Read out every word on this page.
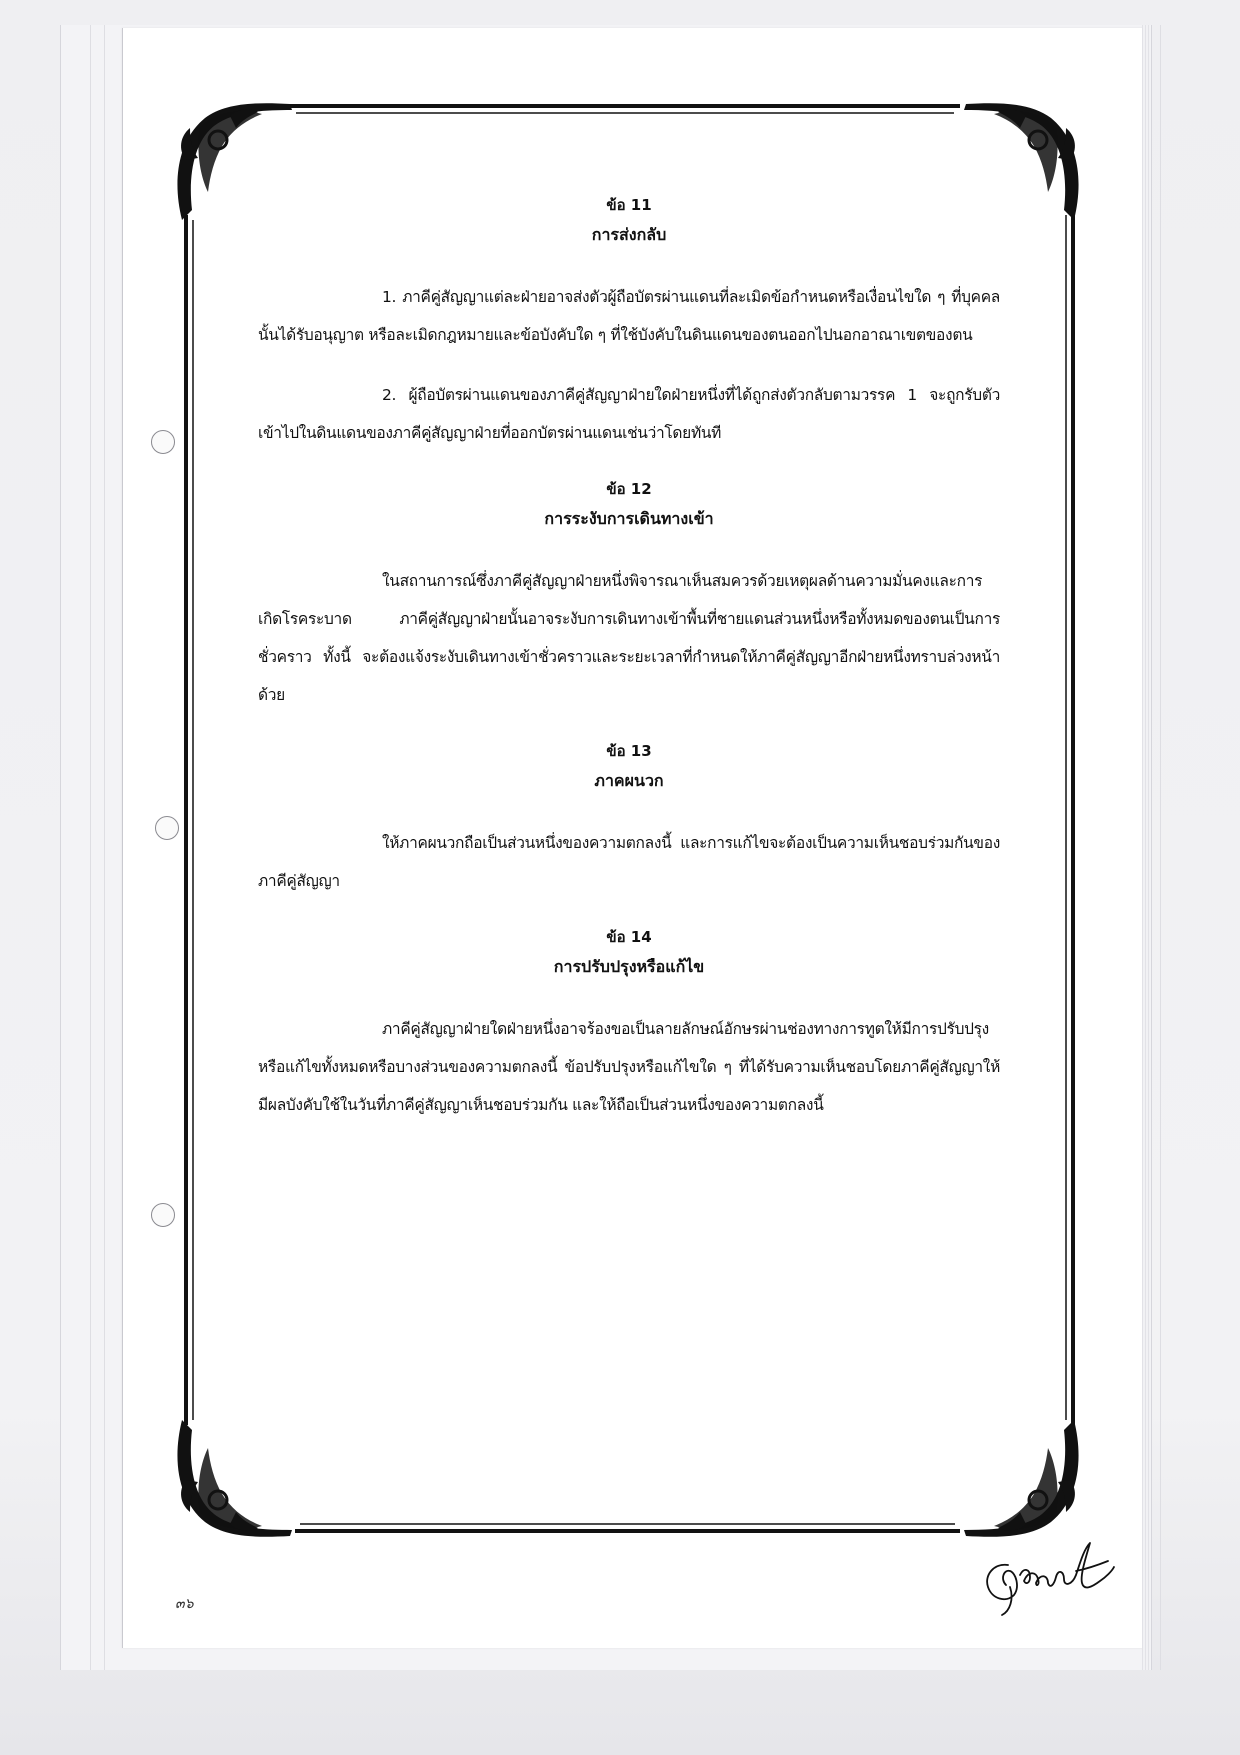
ข้อ 11

การส่งกลับ

1. ภาคีคู่สัญญาแต่ละฝ่ายอาจส่งตัวผู้ถือบัตรผ่านแดนที่ละเมิดข้อกำหนดหรือเงื่อนไขใด ๆ ที่บุคคลนั้นได้รับอนุญาต หรือละเมิดกฎหมายและข้อบังคับใด ๆ ที่ใช้บังคับในดินแดนของตนออกไปนอกอาณาเขตของตน

2. ผู้ถือบัตรผ่านแดนของภาคีคู่สัญญาฝ่ายใดฝ่ายหนึ่งที่ได้ถูกส่งตัวกลับตามวรรค 1 จะถูกรับตัวเข้าไปในดินแดนของภาคีคู่สัญญาฝ่ายที่ออกบัตรผ่านแดนเช่นว่าโดยทันที

ข้อ 12

การระงับการเดินทางเข้า

ในสถานการณ์ซึ่งภาคีคู่สัญญาฝ่ายหนึ่งพิจารณาเห็นสมควรด้วยเหตุผลด้านความมั่นคงและการเกิดโรคระบาด ภาคีคู่สัญญาฝ่ายนั้นอาจระงับการเดินทางเข้าพื้นที่ชายแดนส่วนหนึ่งหรือทั้งหมดของตนเป็นการชั่วคราว ทั้งนี้ จะต้องแจ้งระงับเดินทางเข้าชั่วคราวและระยะเวลาที่กำหนดให้ภาคีคู่สัญญาอีกฝ่ายหนึ่งทราบล่วงหน้าด้วย

ข้อ 13

ภาคผนวก

ให้ภาคผนวกถือเป็นส่วนหนึ่งของความตกลงนี้ และการแก้ไขจะต้องเป็นความเห็นชอบร่วมกันของภาคีคู่สัญญา

ข้อ 14

การปรับปรุงหรือแก้ไข

ภาคีคู่สัญญาฝ่ายใดฝ่ายหนึ่งอาจร้องขอเป็นลายลักษณ์อักษรผ่านช่องทางการทูตให้มีการปรับปรุงหรือแก้ไขทั้งหมดหรือบางส่วนของความตกลงนี้ ข้อปรับปรุงหรือแก้ไขใด ๆ ที่ได้รับความเห็นชอบโดยภาคีคู่สัญญาให้มีผลบังคับใช้ในวันที่ภาคีคู่สัญญาเห็นชอบร่วมกัน และให้ถือเป็นส่วนหนึ่งของความตกลงนี้

๓๖
